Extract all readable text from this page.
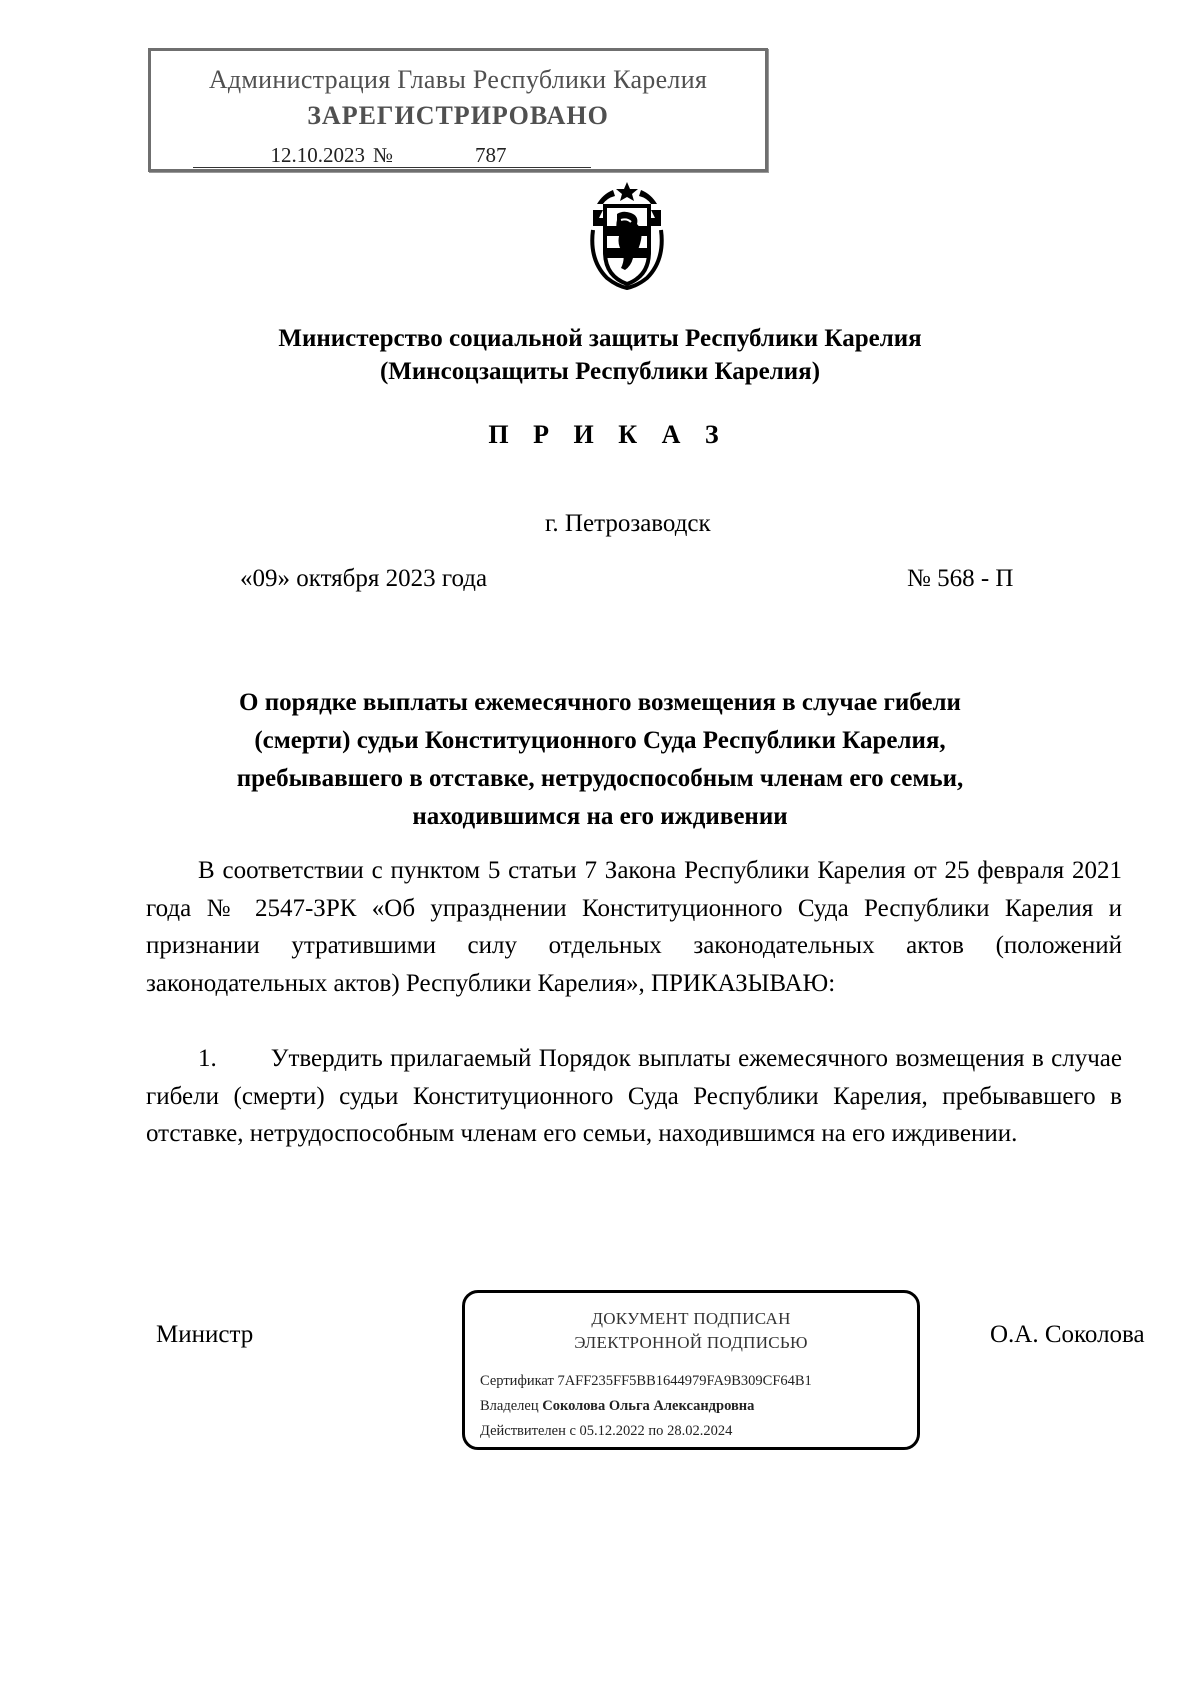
Администрация Главы Республики Карелия
ЗАРЕГИСТРИРОВАНО
12.10.2023 №	787
Министерство социальной защиты Республики Карелия
(Минсоцзащиты Республики Карелия)
П Р И К А З
г. Петрозаводск
«09» октября 2023 года	№ 568 - П
О порядке выплаты ежемесячного возмещения в случае гибели
(смерти) судьи Конституционного Суда Республики Карелия,
пребывавшего в отставке, нетрудоспособным членам его семьи,
находившимся на его иждивении
В соответствии с пунктом 5 статьи 7 Закона Республики Карелия от 25 февраля 2021 года № 2547-ЗРК «Об упразднении Конституционного Суда Республики Карелия и признании утратившими силу отдельных законодательных актов (положений законодательных актов) Республики Карелия», ПРИКАЗЫВАЮ:
1. Утвердить прилагаемый Порядок выплаты ежемесячного возмещения в случае гибели (смерти) судьи Конституционного Суда Республики Карелия, пребывавшего в отставке, нетрудоспособным членам его семьи, находившимся на его иждивении.
Министр	О.А. Соколова
ДОКУМЕНТ ПОДПИСАН
ЭЛЕКТРОННОЙ ПОДПИСЬЮ
Сертификат 7AFF235FF5BB1644979FA9B309CF64B1
Владелец Соколова Ольга Александровна
Действителен с 05.12.2022 по 28.02.2024
